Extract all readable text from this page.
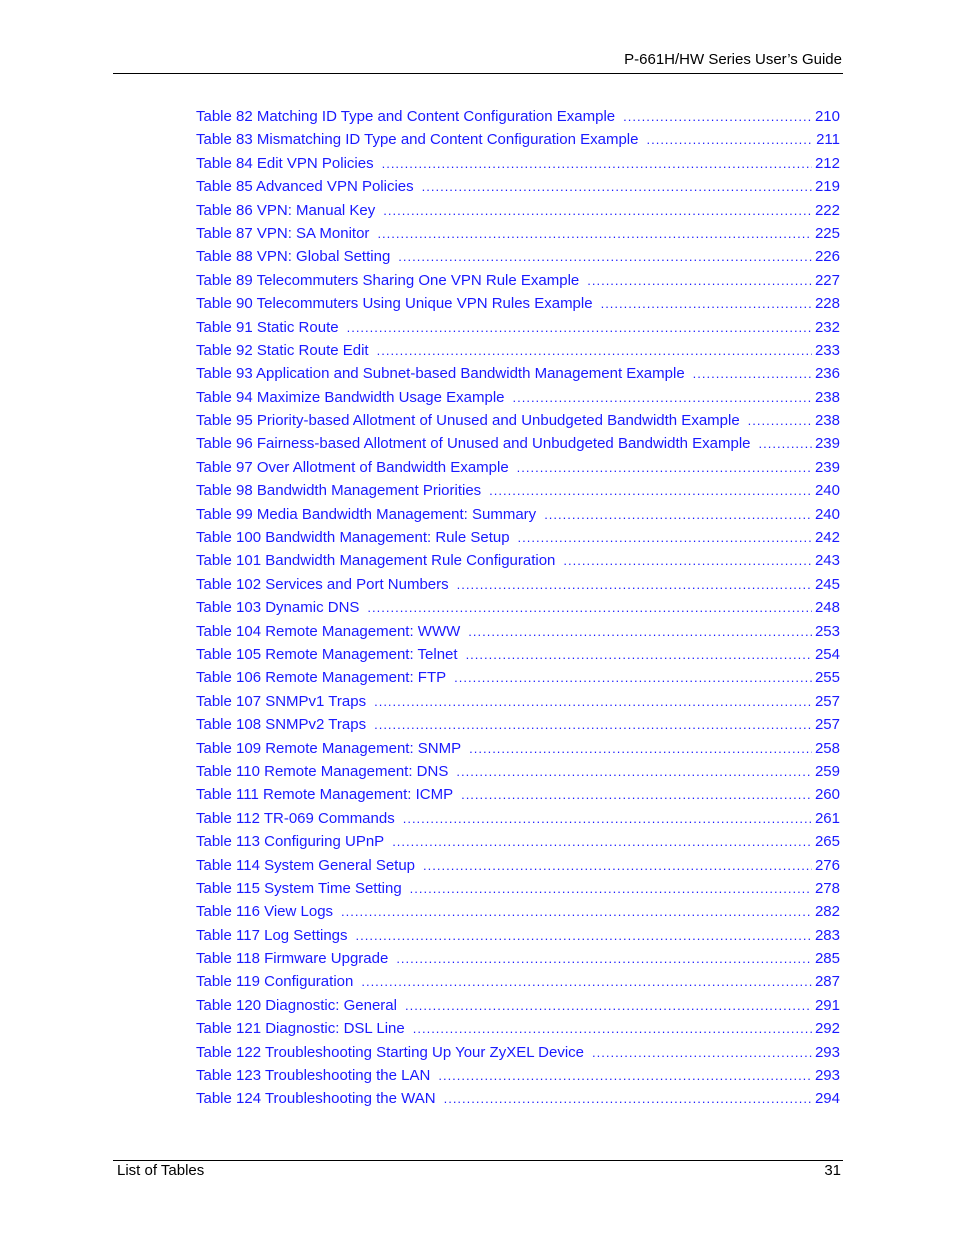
P-661H/HW Series User’s Guide
Table 82 Matching ID Type and Content Configuration Example .....	210
Table 83 Mismatching ID Type and Content Configuration Example .....	211
Table 84 Edit VPN Policies .....	212
Table 85 Advanced VPN Policies .....	219
Table 86 VPN: Manual Key .....	222
Table 87 VPN: SA Monitor .....	225
Table 88 VPN: Global Setting .....	226
Table 89 Telecommuters Sharing One VPN Rule Example .....	227
Table 90 Telecommuters Using Unique VPN Rules Example .....	228
Table 91 Static Route .....	232
Table 92 Static Route Edit .....	233
Table 93 Application and Subnet-based Bandwidth Management Example .....	236
Table 94 Maximize Bandwidth Usage Example .....	238
Table 95 Priority-based Allotment of Unused and Unbudgeted Bandwidth Example .....	238
Table 96 Fairness-based Allotment of Unused and Unbudgeted Bandwidth Example .....	239
Table 97 Over Allotment of Bandwidth Example .....	239
Table 98 Bandwidth Management Priorities .....	240
Table 99 Media Bandwidth Management: Summary .....	240
Table 100 Bandwidth Management: Rule Setup .....	242
Table 101 Bandwidth Management Rule Configuration .....	243
Table 102 Services and Port Numbers .....	245
Table 103 Dynamic DNS .....	248
Table 104 Remote Management: WWW .....	253
Table 105 Remote Management: Telnet .....	254
Table 106 Remote Management: FTP .....	255
Table 107 SNMPv1 Traps .....	257
Table 108 SNMPv2 Traps .....	257
Table 109 Remote Management: SNMP .....	258
Table 110 Remote Management: DNS .....	259
Table 111 Remote Management: ICMP .....	260
Table 112 TR-069 Commands .....	261
Table 113 Configuring UPnP .....	265
Table 114 System General Setup .....	276
Table 115 System Time Setting .....	278
Table 116 View Logs .....	282
Table 117 Log Settings .....	283
Table 118 Firmware Upgrade .....	285
Table 119 Configuration .....	287
Table 120 Diagnostic: General .....	291
Table 121 Diagnostic: DSL Line .....	292
Table 122 Troubleshooting Starting Up Your ZyXEL Device .....	293
Table 123 Troubleshooting the LAN .....	293
Table 124 Troubleshooting the WAN .....	294
List of Tables	31
